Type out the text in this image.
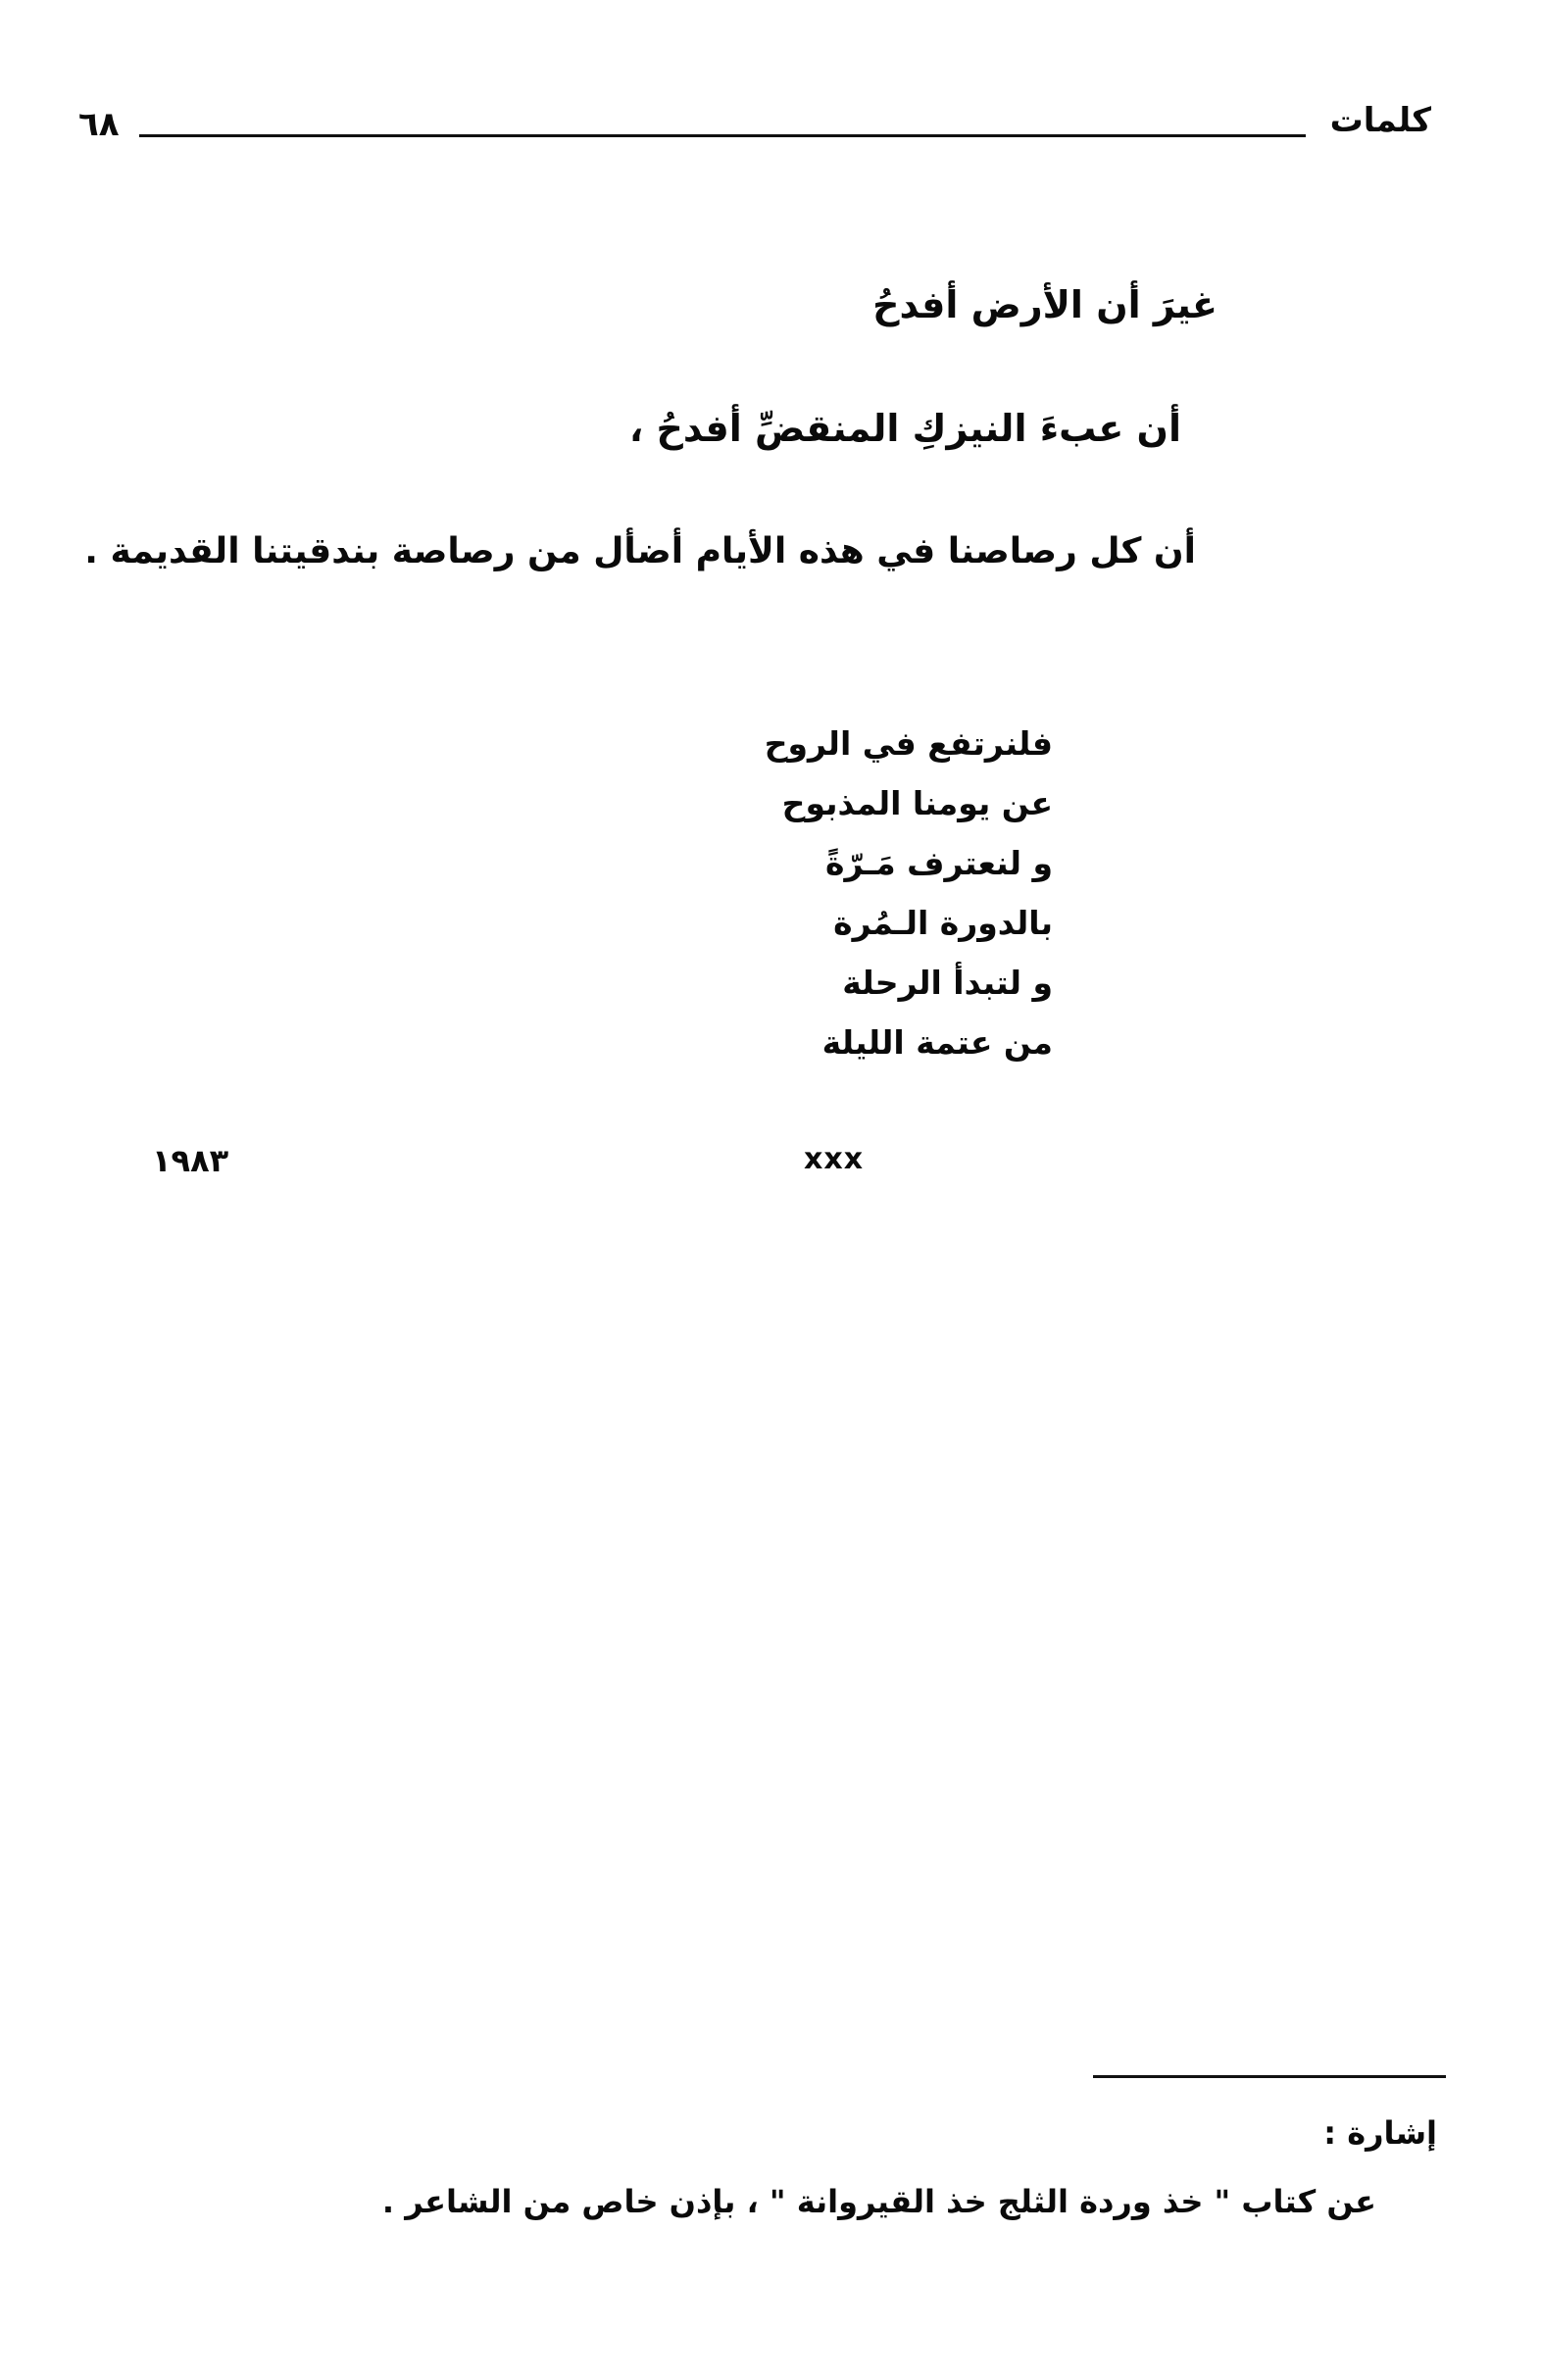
كلمات
٦٨
غيرَ أن الأرض أفدحُ
أن عبءَ النيزكِ المنقضِّ أفدحُ ،
أن كل رصاصنا في هذه الأيام أضأل من رصاصة بندقيتنا القديمة .
فلنرتفع في الروح
عن يومنا المذبوح
و لنعترف مَـرّةً
بالدورة الـمُرة
و لتبدأ الرحلة
من عتمة الليلة
١٩٨٣	xxx
إشارة :
عن كتاب " خذ وردة الثلج خذ القيروانة " ، بإذن خاص من الشاعر .
